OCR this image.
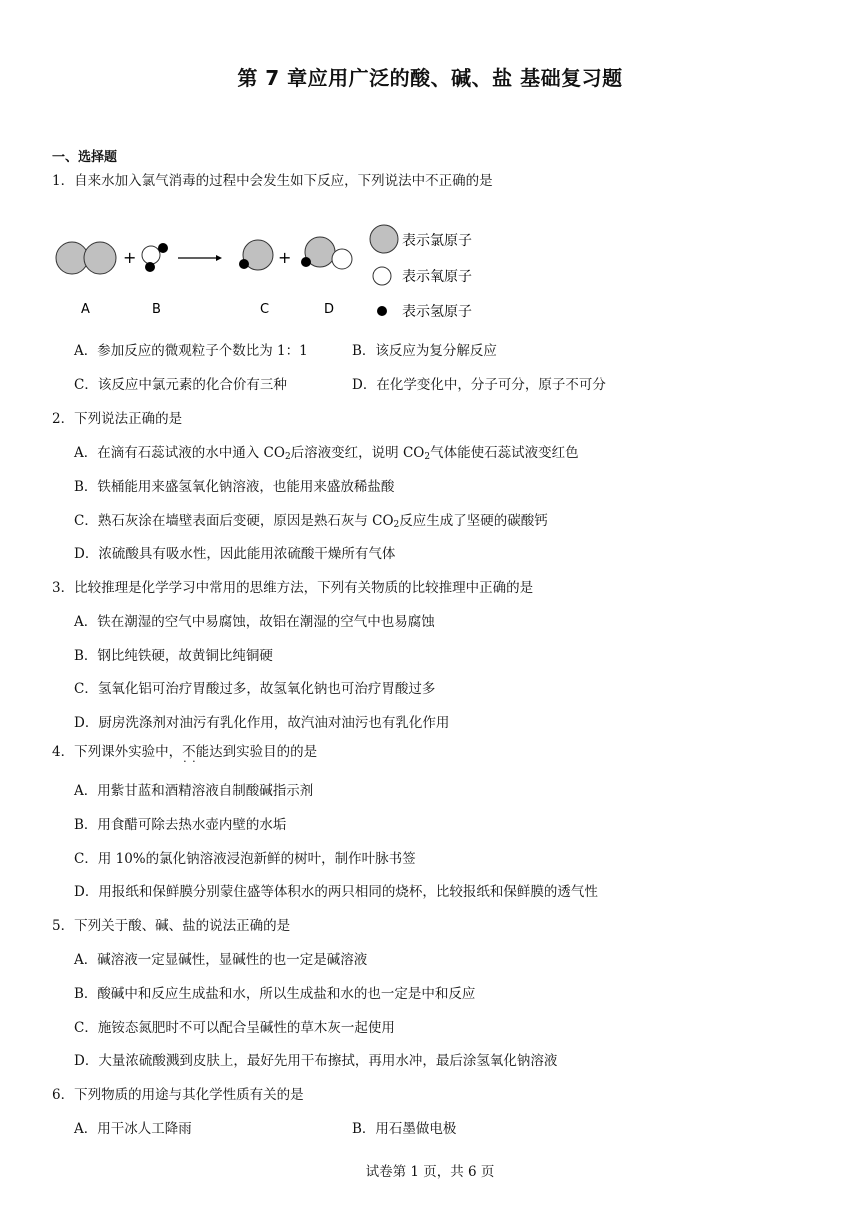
第 7 章应用广泛的酸、碱、盐 基础复习题
一、选择题
1．自来水加入氯气消毒的过程中会发生如下反应，下列说法中不正确的是
+	+
A	B	C	D
表示氯原子
表示氧原子
表示氢原子
A．参加反应的微观粒子个数比为 1：1	B．该反应为复分解反应
C．该反应中氯元素的化合价有三种	D．在化学变化中，分子可分，原子不可分
2．下列说法正确的是
A．在滴有石蕊试液的水中通入 $CO_2$后溶液变红，说明 $CO_2$气体能使石蕊试液变红色
B．铁桶能用来盛氢氧化钠溶液，也能用来盛放稀盐酸
C．熟石灰涂在墙壁表面后变硬，原因是熟石灰与 $CO_2$反应生成了坚硬的碳酸钙
D．浓硫酸具有吸水性，因此能用浓硫酸干燥所有气体
3．比较推理是化学学习中常用的思维方法，下列有关物质的比较推理中正确的是
A．铁在潮湿的空气中易腐蚀，故铝在潮湿的空气中也易腐蚀
B．钢比纯铁硬，故黄铜比纯铜硬
C．氢氧化铝可治疗胃酸过多，故氢氧化钠也可治疗胃酸过多
D．厨房洗涤剂对油污有乳化作用，故汽油对油污也有乳化作用
4．下列课外实验中，不能 · ·达到实验目的的是
A．用紫甘蓝和酒精溶液自制酸碱指示剂
B．用食醋可除去热水壶内壁的水垢
C．用 10%的氯化钠溶液浸泡新鲜的树叶，制作叶脉书签
D．用报纸和保鲜膜分别蒙住盛等体积水的两只相同的烧杯，比较报纸和保鲜膜的透气性
5．下列关于酸、碱、盐的说法正确的是
A．碱溶液一定显碱性，显碱性的也一定是碱溶液
B．酸碱中和反应生成盐和水，所以生成盐和水的也一定是中和反应
C．施铵态氮肥时不可以配合呈碱性的草木灰一起使用
D．大量浓硫酸溅到皮肤上，最好先用干布擦拭，再用水冲，最后涂氢氧化钠溶液
6．下列物质的用途与其化学性质有关的是
A．用干冰人工降雨	B．用石墨做电极
试卷第 1 页，共 6 页
